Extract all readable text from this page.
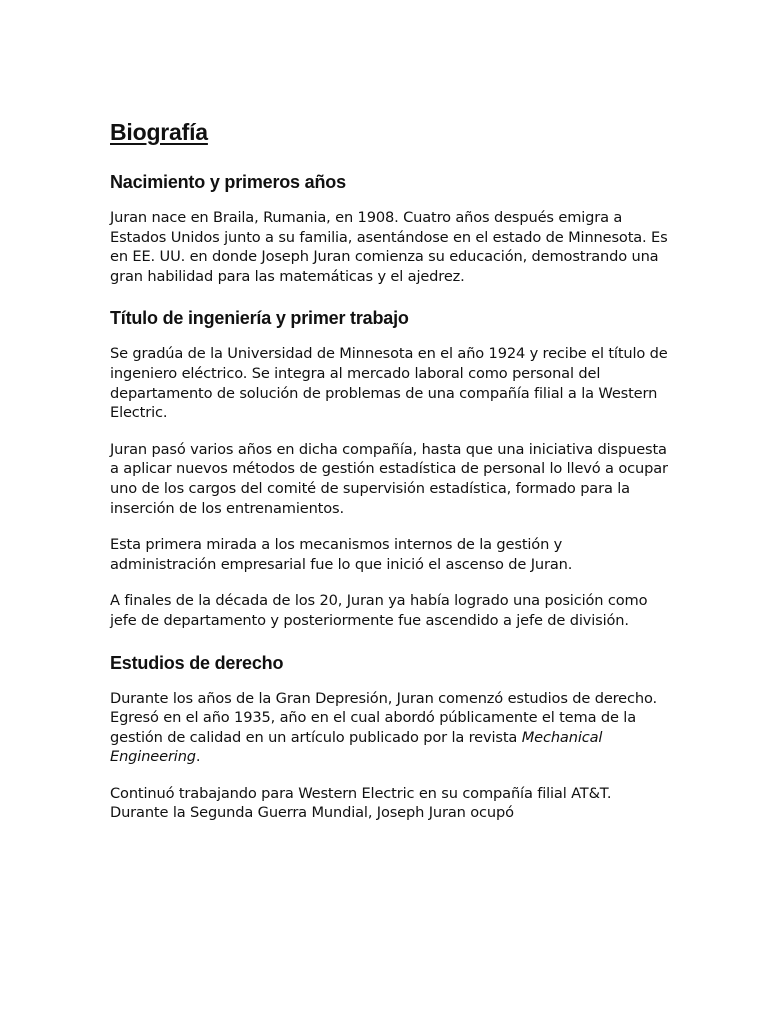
Biografía
Nacimiento y primeros años

Juran nace en Braila, Rumania, en 1908. Cuatro años después emigra a Estados Unidos junto a su familia, asentándose en el estado de Minnesota. Es en EE. UU. en donde Joseph Juran comienza su educación, demostrando una gran habilidad para las matemáticas y el ajedrez.

Título de ingeniería y primer trabajo

Se gradúa de la Universidad de Minnesota en el año 1924 y recibe el título de ingeniero eléctrico. Se integra al mercado laboral como personal del departamento de solución de problemas de una compañía filial a la Western Electric.

Juran pasó varios años en dicha compañía, hasta que una iniciativa dispuesta a aplicar nuevos métodos de gestión estadística de personal lo llevó a ocupar uno de los cargos del comité de supervisión estadística, formado para la inserción de los entrenamientos.

Esta primera mirada a los mecanismos internos de la gestión y administración empresarial fue lo que inició el ascenso de Juran.

A finales de la década de los 20, Juran ya había logrado una posición como jefe de departamento y posteriormente fue ascendido a jefe de división.

Estudios de derecho

Durante los años de la Gran Depresión, Juran comenzó estudios de derecho. Egresó en el año 1935, año en el cual abordó públicamente el tema de la gestión de calidad en un artículo publicado por la revista Mechanical Engineering.

Continuó trabajando para Western Electric en su compañía filial AT&T. Durante la Segunda Guerra Mundial, Joseph Juran ocupó
